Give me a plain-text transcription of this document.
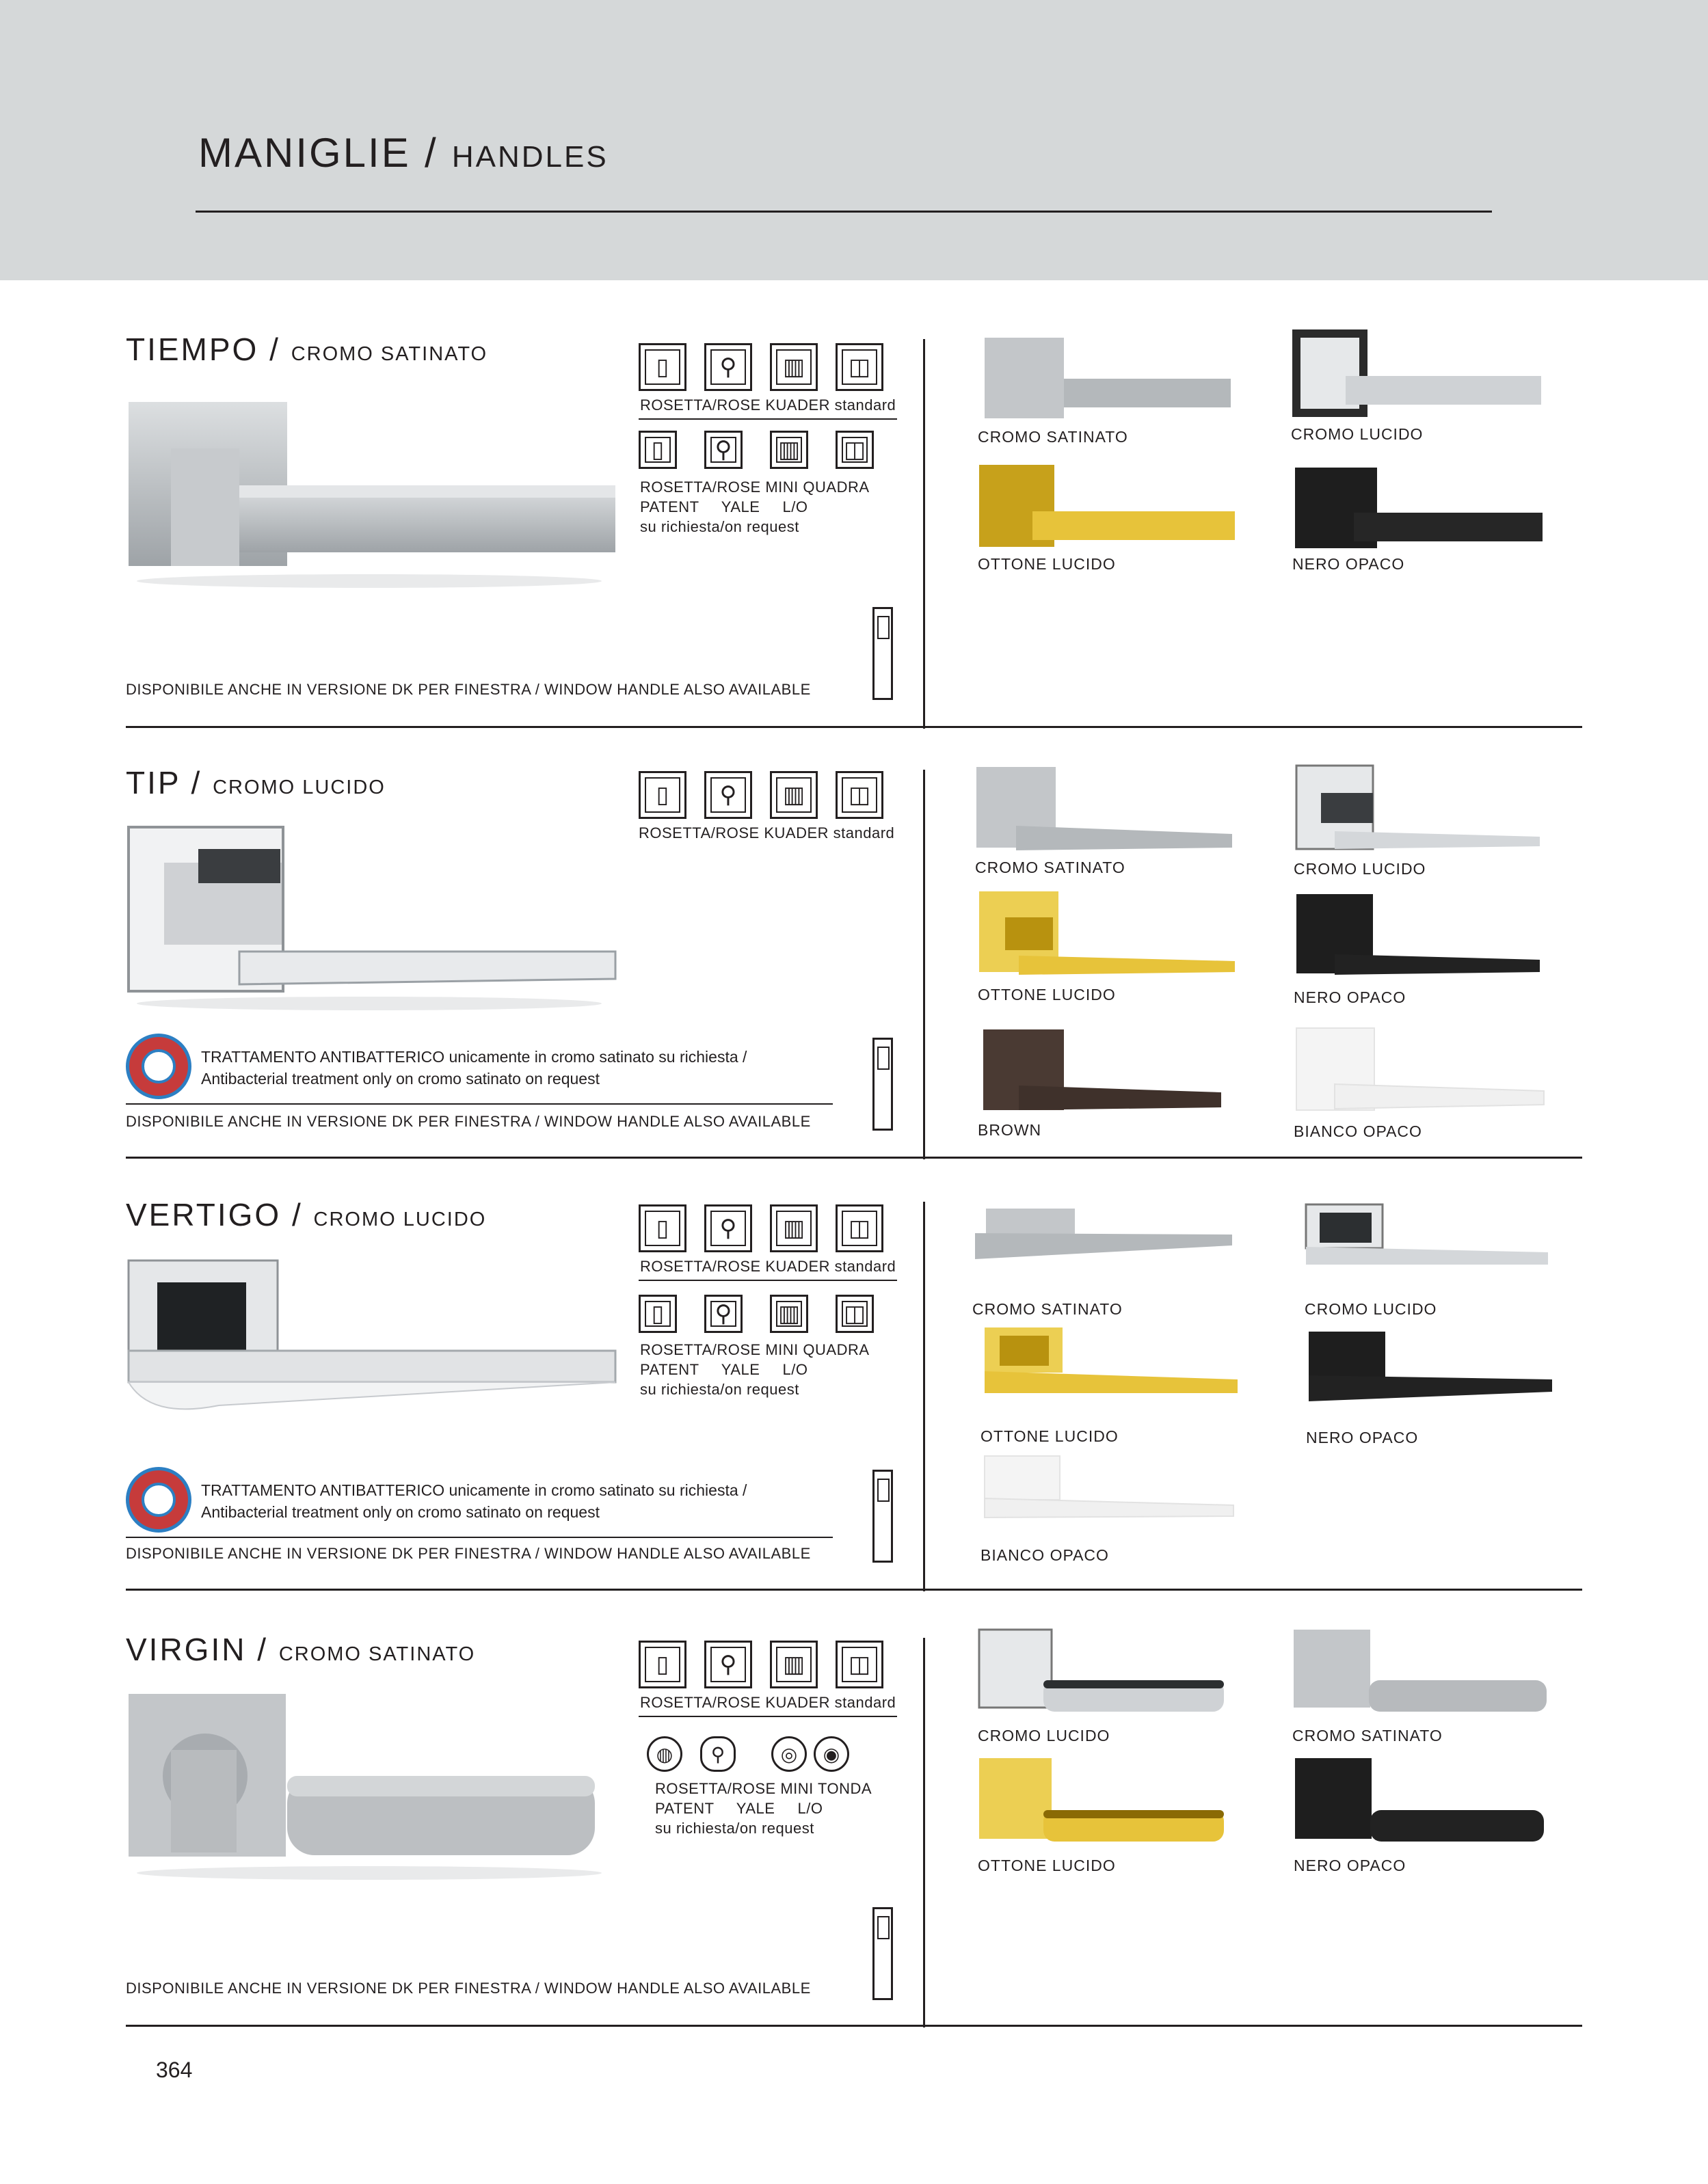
MANIGLIE / HANDLES
TIEMPO / CROMO SATINATO	▯	⚲	▥	◫
ROSETTA/ROSE KUADER standard
▯	⚲	▥ ◫
ROSETTA/ROSE MINI QUADRA
PATENT     YALE     L/O
su richiesta/on request
DISPONIBILE ANCHE IN VERSIONE DK PER FINESTRA / WINDOW HANDLE ALSO AVAILABLE
CROMO SATINATO	CROMO LUCIDO
OTTONE LUCIDO	NERO OPACO
TIP / CROMO LUCIDO	▯	⚲	▥	◫
ROSETTA/ROSE KUADER standard
TRATTAMENTO ANTIBATTERICO unicamente in cromo satinato su richiesta /
Antibacterial treatment only on cromo satinato on request
DISPONIBILE ANCHE IN VERSIONE DK PER FINESTRA / WINDOW HANDLE ALSO AVAILABLE
CROMO SATINATO	CROMO LUCIDO
OTTONE LUCIDO	NERO OPACO
BROWN	BIANCO OPACO
VERTIGO / CROMO LUCIDO	▯	⚲	▥	◫
ROSETTA/ROSE KUADER standard
▯	⚲	▥ ◫
ROSETTA/ROSE MINI QUADRA
PATENT     YALE     L/O
su richiesta/on request
TRATTAMENTO ANTIBATTERICO unicamente in cromo satinato su richiesta /
Antibacterial treatment only on cromo satinato on request
DISPONIBILE ANCHE IN VERSIONE DK PER FINESTRA / WINDOW HANDLE ALSO AVAILABLE
CROMO SATINATO	CROMO LUCIDO
OTTONE LUCIDO	NERO OPACO
BIANCO OPACO
VIRGIN / CROMO SATINATO	▯	⚲	▥	◫
ROSETTA/ROSE KUADER standard
◍	⚲	◎	◉
ROSETTA/ROSE MINI TONDA
PATENT     YALE     L/O
su richiesta/on request
DISPONIBILE ANCHE IN VERSIONE DK PER FINESTRA / WINDOW HANDLE ALSO AVAILABLE
CROMO LUCIDO	CROMO SATINATO
OTTONE LUCIDO	NERO OPACO
364
